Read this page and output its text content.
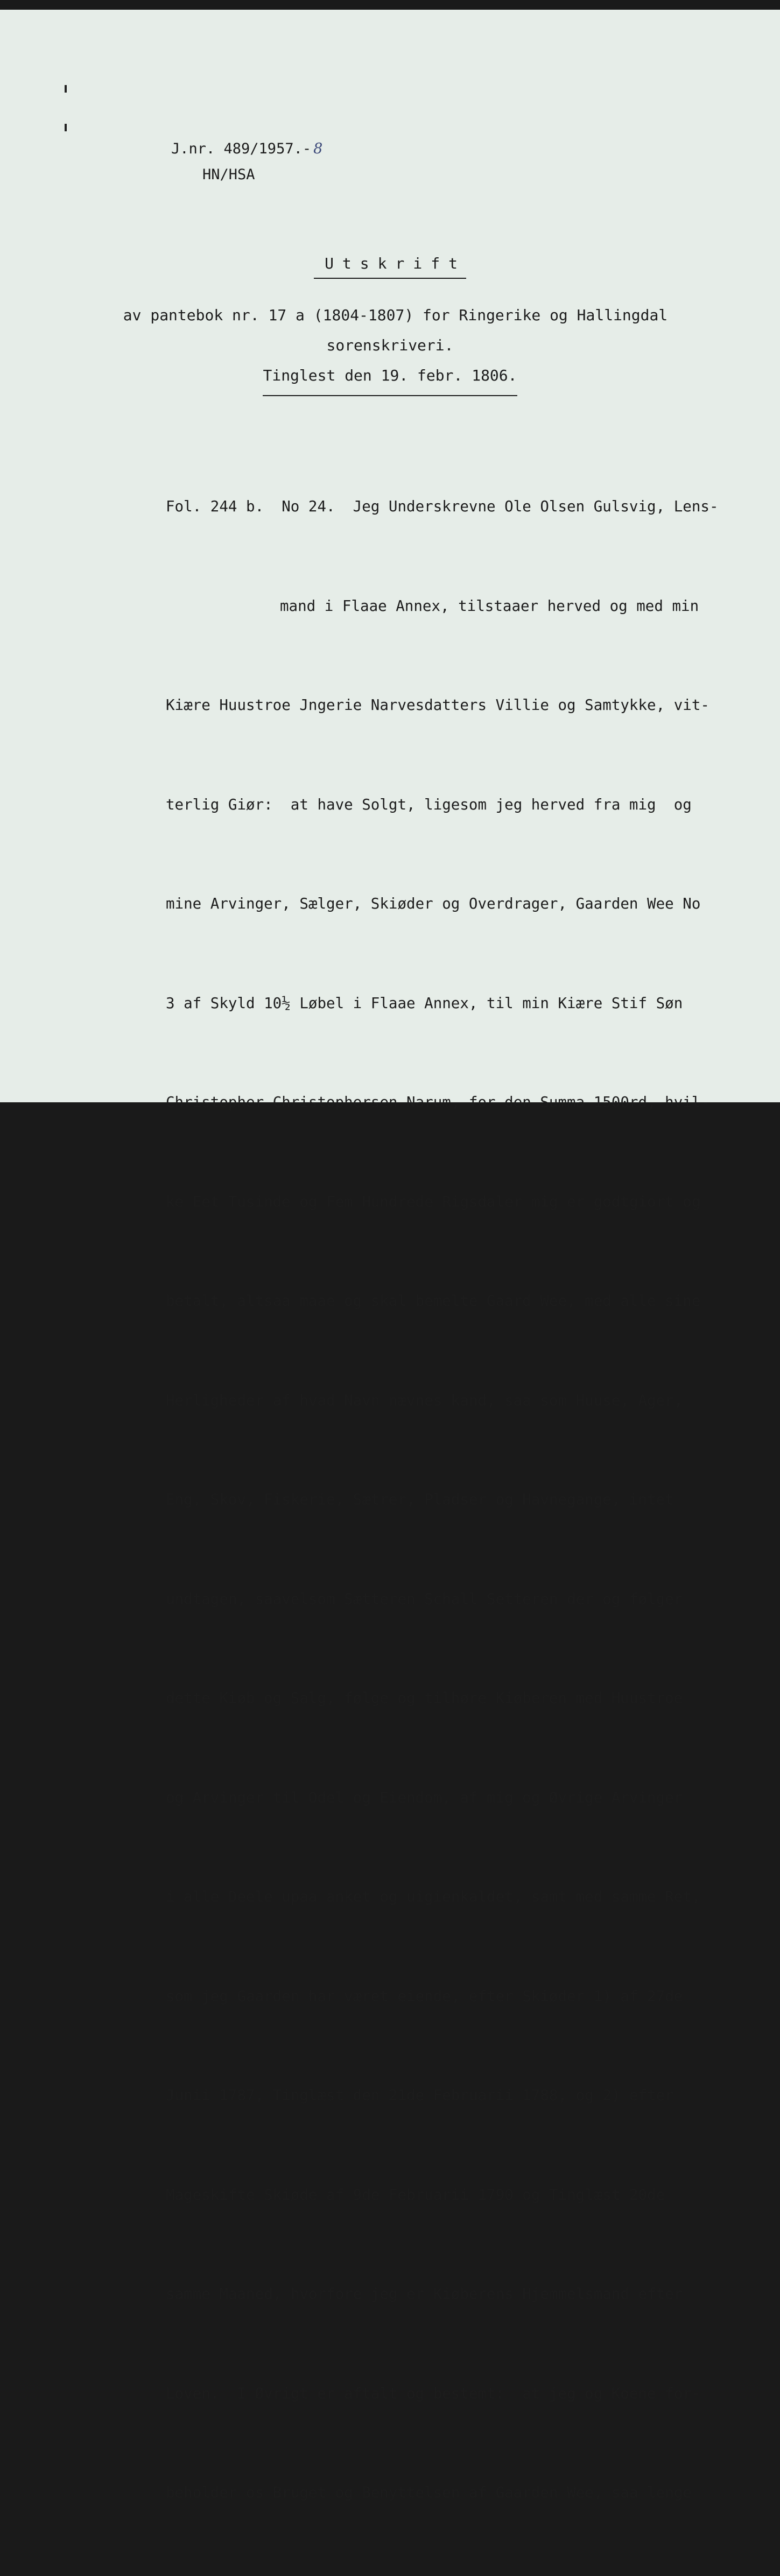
J.nr. 489/1957.- 8
HN/HSA
Utskrift
av pantebok nr. 17 a (1804-1807) for Ringerike og Hallingdal
sorenskriveri.
Tinglest den 19. febr. 1806.

Fol. 244 b.  No 24.  Jeg Underskrevne Ole Olsen Gulsvig, Lens-

mand i Flaae Annex, tilstaaer herved og med min

Kiære Huustroe Jngerie Narvesdatters Villie og Samtykke, vit-

terlig Giør:  at have Solgt, ligesom jeg herved fra mig  og

mine Arvinger, Sælger, Skiøder og Overdrager, Gaarden Wee No

3 af Skyld 10½ Løbel i Flaae Annex, til min Kiære Stif Søn

Christopher Christophersen Narum, for den Summa 1500rd, hvil-

ke Eet Tusinde og Fem Hundrede Rigsdaler mig er godtgiort og

betalt, altsaa maae og skal bemelte Gaard Wee, med alle sine

Herligheder af hvad Navn nævnes kand, saa som Huuse, Ager,

Eng, Skov, Fiskerie, Sætrer, Pladser og Havnegange, intet

undtagen, saavelsom Sætteren Schall Setteren der og følger

dette Kiøb og Salg, følge og tilhøre Kiøberen med Huustroe

og Arvinger til Odel og Eiendom, af mig og Øvrige Arvinger

i alle Deele upaa anket og uigienkaldet, samt med samme Ret,

som jeg Gaarden har været eiende, efter Skiøder 1) af 27de

Junii 1787, Tinglæst den 21de Februarii 1788, og 2) efter

Mageskifte Skiøde af 9de Februarii 1790 og Tinglæst 20de

samme Maaned, hvorfore jeg er Kiøberens Hjemmelsmand efter

Loven.  I Øvrigt er aftalt og bestemt:  at jeg og Koene for-

beholder os Bruget og Benyttelsen af Gaarden Wee, saa lenge
